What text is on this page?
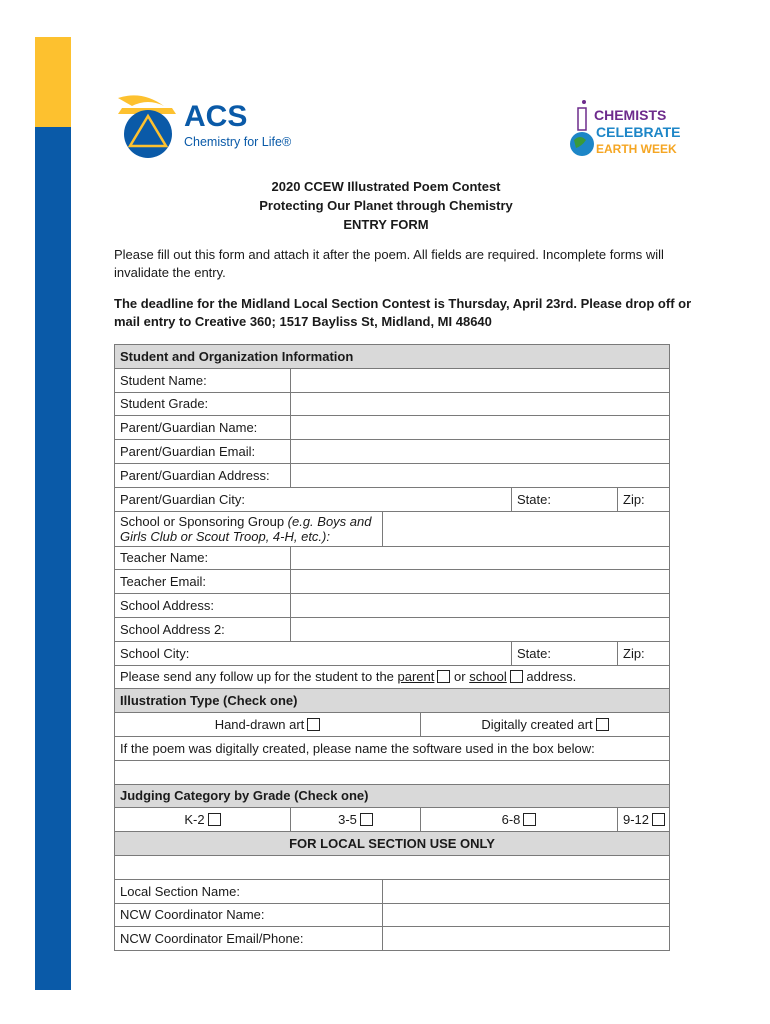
ACS
Chemistry for Life®
CHEMISTS
CELEBRATE
EARTH WEEK
2020 CCEW Illustrated Poem Contest
Protecting Our Planet through Chemistry
ENTRY FORM
Please fill out this form and attach it after the poem. All fields are required. Incomplete forms will invalidate the entry.
The deadline for the Midland Local Section Contest is Thursday, April 23rd. Please drop off or mail entry to Creative 360; 1517 Bayliss St, Midland, MI 48640
Student and Organization Information					
Student Name:					
Student Grade:					
Parent/Guardian Name:					
Parent/Guardian Email:					
Parent/Guardian Address:					
Parent/Guardian City:				State:	Zip:
School or Sponsoring Group (e.g. Boys and Girls Club or Scout Troop, 4-H, etc.):					
Teacher Name:					
Teacher Email:					
School Address:					
School Address 2:					
School City:				State:	Zip:
Please send any follow up for the student to the parent or school address.					
Illustration Type (Check one)					
Hand-drawn art			Digitally created art		
If the poem was digitally created, please name the software used in the box below:					

Judging Category by Grade (Check one)					
K-2	3-5		6-8		9-12
FOR LOCAL SECTION USE ONLY					

Local Section Name:					
NCW Coordinator Name:					
NCW Coordinator Email/Phone:					
